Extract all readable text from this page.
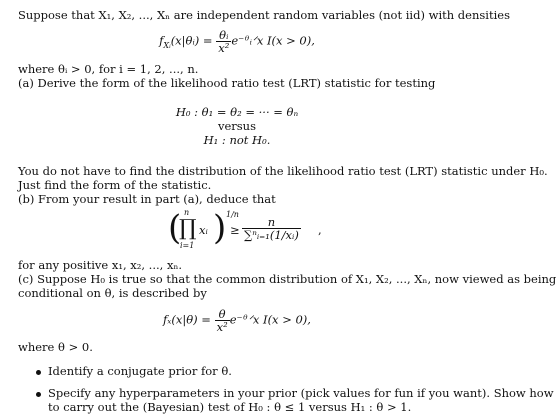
Suppose that X₁, X₂, ..., Xₙ are independent random variables (not iid) with densities
$f_{Xᵢ}(x|\theta ᵢ) = \frac{\text{θᵢ}}{\text{x²}}$ e⁻ᶿᵢᐟx I(x > 0),
where θᵢ > 0, for i = 1, 2, ..., n.
(a) Derive the form of the likelihood ratio test (LRT) statistic for testing
H₀ : θ₁ = θ₂ = ··· = θₙ
versus
H₁ : not H₀.
You do not have to find the distribution of the likelihood ratio test (LRT) statistic under H₀.
Just find the form of the statistic.
(b) From your result in part (a), deduce that
( n
∏
i=1
xᵢ ) 1/n
≥ $\frac{n}{\text{∑ⁿᵢ₌₁(1/xᵢ)}}$ ,
for any positive x₁, x₂, ..., xₙ.
(c) Suppose H₀ is true so that the common distribution of X₁, X₂, ..., Xₙ, now viewed as being
conditional on θ, is described by
$f_x(x|\theta) = \frac{\theta}{\text{x²}}$ e⁻ᶿᐟx I(x > 0),
where θ > 0.
Identify a conjugate prior for θ.
Specify any hyperparameters in your prior (pick values for fun if you want). Show how
to carry out the (Bayesian) test of H₀ : θ ≤ 1 versus H₁ : θ > 1.
